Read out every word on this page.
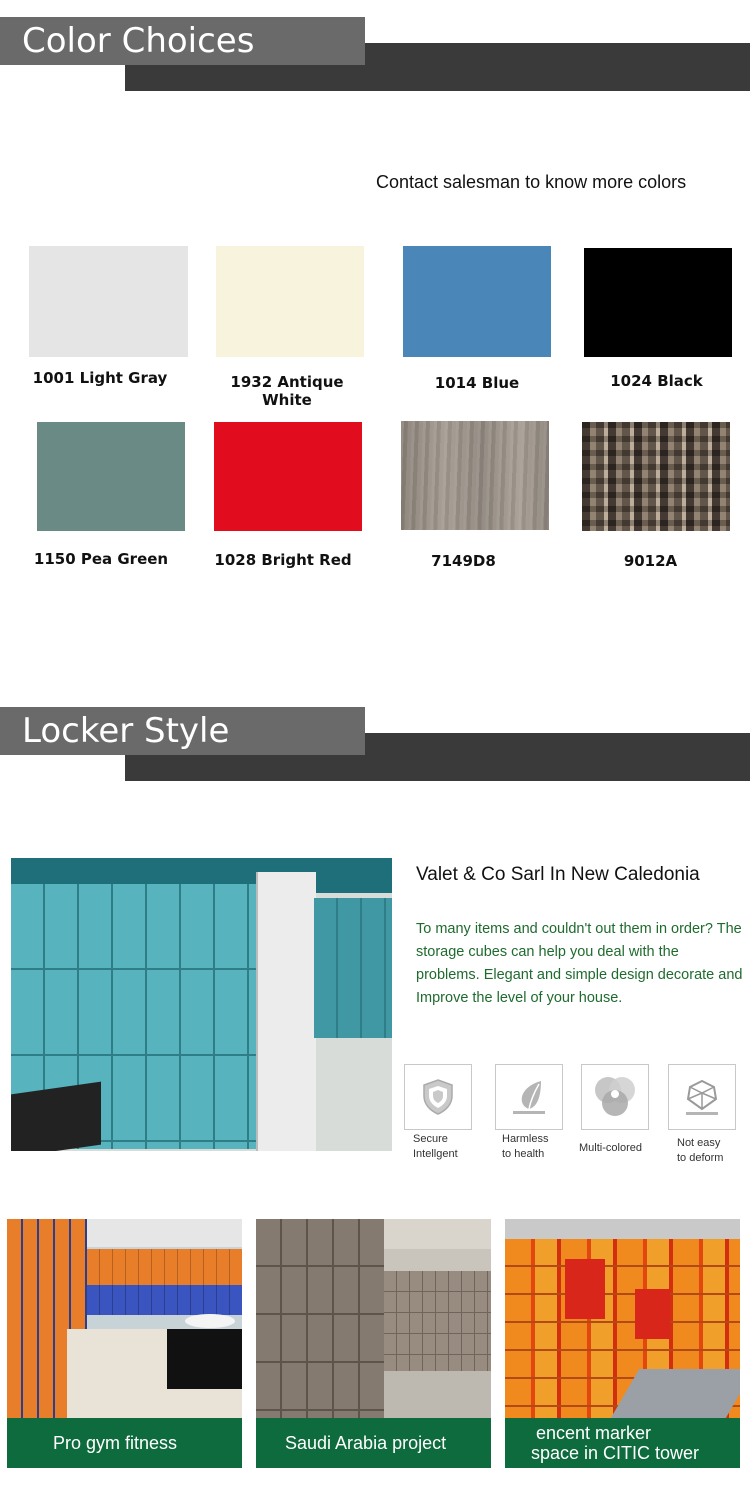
Color Choices
Contact salesman to know more colors
1001 Light Gray	1932 Antique White
1014 Blue	1024 Black
1150 Pea Green	1028 Bright Red	7149D8	9012A
Locker Style
Valet & Co Sarl In New Caledonia
To many items and couldn't out them in order? The storage cubes can help you deal with the problems. Elegant and simple design decorate and Improve the level of your house.
Secure
Intellgent
Harmless
to health	Multi-colored	Not easy
to deform
Pro gym fitness	Saudi Arabia project	encent marker
space in CITIC tower
